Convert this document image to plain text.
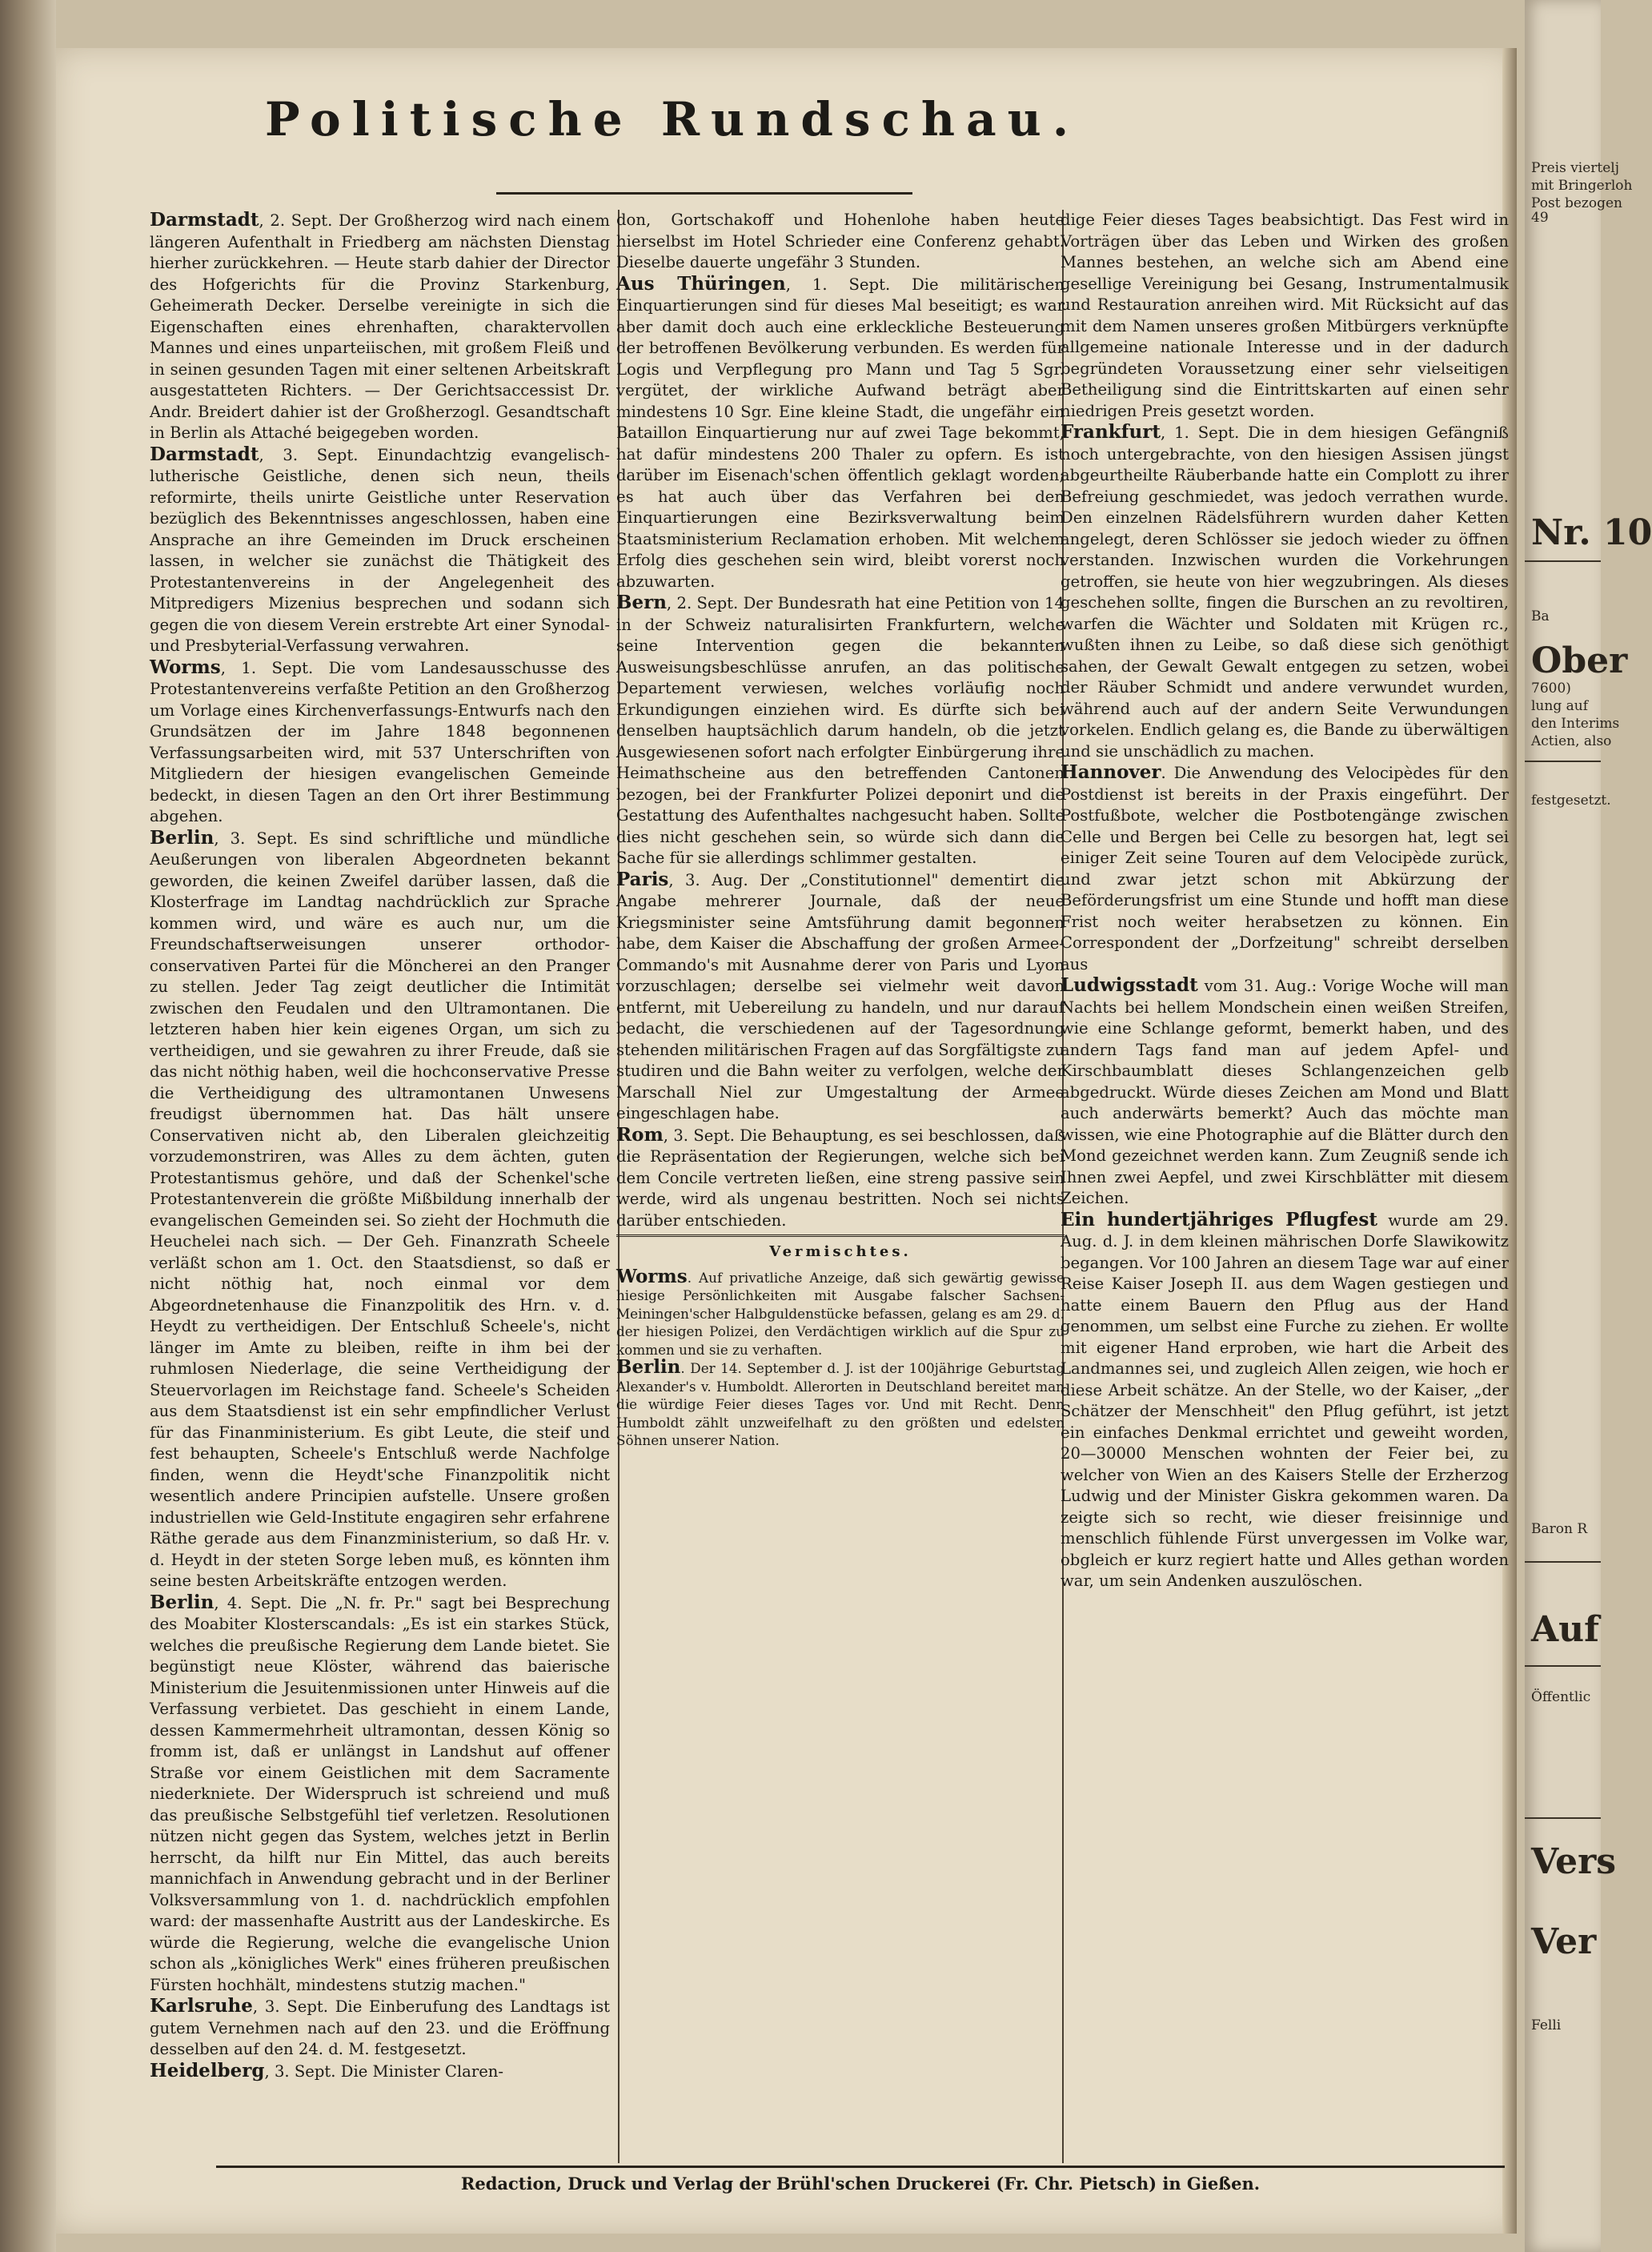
Politische Rundschau.

Darmstadt, 2. Sept. Der Großherzog wird nach einem längeren Aufenthalt in Friedberg am nächsten Dienstag hierher zurückkehren. — Heute starb dahier der Director des Hofgerichts für die Provinz Starkenburg, Geheimerath Decker. Derselbe vereinigte in sich die Eigenschaften eines ehrenhaften, charaktervollen Mannes und eines unparteiischen, mit großem Fleiß und in seinen gesunden Tagen mit einer seltenen Arbeitskraft ausgestatteten Richters. — Der Gerichtsaccessist Dr. Andr. Breidert dahier ist der Großherzogl. Gesandtschaft in Berlin als Attaché beigegeben worden.

Darmstadt, 3. Sept. Einundachtzig evangelisch-lutherische Geistliche, denen sich neun, theils reformirte, theils unirte Geistliche unter Reservation bezüglich des Bekenntnisses angeschlossen, haben eine Ansprache an ihre Gemeinden im Druck erscheinen lassen, in welcher sie zunächst die Thätigkeit des Protestantenvereins in der Angelegenheit des Mitpredigers Mizenius besprechen und sodann sich gegen die von diesem Verein erstrebte Art einer Synodal- und Presbyterial-Verfassung verwahren.

Worms, 1. Sept. Die vom Landesausschusse des Protestantenvereins verfaßte Petition an den Großherzog um Vorlage eines Kirchenverfassungs-Entwurfs nach den Grundsätzen der im Jahre 1848 begonnenen Verfassungsarbeiten wird, mit 537 Unterschriften von Mitgliedern der hiesigen evangelischen Gemeinde bedeckt, in diesen Tagen an den Ort ihrer Bestimmung abgehen.

Berlin, 3. Sept. Es sind schriftliche und mündliche Aeußerungen von liberalen Abgeordneten bekannt geworden, die keinen Zweifel darüber lassen, daß die Klosterfrage im Landtag nachdrücklich zur Sprache kommen wird, und wäre es auch nur, um die Freundschaftserweisungen unserer orthodor-conservativen Partei für die Möncherei an den Pranger zu stellen. Jeder Tag zeigt deutlicher die Intimität zwischen den Feudalen und den Ultramontanen. Die letzteren haben hier kein eigenes Organ, um sich zu vertheidigen, und sie gewahren zu ihrer Freude, daß sie das nicht nöthig haben, weil die hochconservative Presse die Vertheidigung des ultramontanen Unwesens freudigst übernommen hat. Das hält unsere Conservativen nicht ab, den Liberalen gleichzeitig vorzudemonstriren, was Alles zu dem ächten, guten Protestantismus gehöre, und daß der Schenkel'sche Protestantenverein die größte Mißbildung innerhalb der evangelischen Gemeinden sei. So zieht der Hochmuth die Heuchelei nach sich. — Der Geh. Finanzrath Scheele verläßt schon am 1. Oct. den Staatsdienst, so daß er nicht nöthig hat, noch einmal vor dem Abgeordnetenhause die Finanzpolitik des Hrn. v. d. Heydt zu vertheidigen. Der Entschluß Scheele's, nicht länger im Amte zu bleiben, reifte in ihm bei der ruhmlosen Niederlage, die seine Vertheidigung der Steuervorlagen im Reichstage fand. Scheele's Scheiden aus dem Staatsdienst ist ein sehr empfindlicher Verlust für das Finanministerium. Es gibt Leute, die steif und fest behaupten, Scheele's Entschluß werde Nachfolge finden, wenn die Heydt'sche Finanzpolitik nicht wesentlich andere Principien aufstelle. Unsere großen industriellen wie Geld-Institute engagiren sehr erfahrene Räthe gerade aus dem Finanzministerium, so daß Hr. v. d. Heydt in der steten Sorge leben muß, es könnten ihm seine besten Arbeitskräfte entzogen werden.

Berlin, 4. Sept. Die „N. fr. Pr." sagt bei Besprechung des Moabiter Klosterscandals: „Es ist ein starkes Stück, welches die preußische Regierung dem Lande bietet. Sie begünstigt neue Klöster, während das baierische Ministerium die Jesuitenmissionen unter Hinweis auf die Verfassung verbietet. Das geschieht in einem Lande, dessen Kammermehrheit ultramontan, dessen König so fromm ist, daß er unlängst in Landshut auf offener Straße vor einem Geistlichen mit dem Sacramente niederkniete. Der Widerspruch ist schreiend und muß das preußische Selbstgefühl tief verletzen. Resolutionen nützen nicht gegen das System, welches jetzt in Berlin herrscht, da hilft nur Ein Mittel, das auch bereits mannichfach in Anwendung gebracht und in der Berliner Volksversammlung von 1. d. nachdrücklich empfohlen ward: der massenhafte Austritt aus der Landeskirche. Es würde die Regierung, welche die evangelische Union schon als „königliches Werk" eines früheren preußischen Fürsten hochhält, mindestens stutzig machen."

Karlsruhe, 3. Sept. Die Einberufung des Landtags ist gutem Vernehmen nach auf den 23. und die Eröffnung desselben auf den 24. d. M. festgesetzt.

Heidelberg, 3. Sept. Die Minister Claren-

don, Gortschakoff und Hohenlohe haben heute hierselbst im Hotel Schrieder eine Conferenz gehabt. Dieselbe dauerte ungefähr 3 Stunden.

Aus Thüringen, 1. Sept. Die militärischen Einquartierungen sind für dieses Mal beseitigt; es war aber damit doch auch eine erkleckliche Besteuerung der betroffenen Bevölkerung verbunden. Es werden für Logis und Verpflegung pro Mann und Tag 5 Sgr. vergütet, der wirkliche Aufwand beträgt aber mindestens 10 Sgr. Eine kleine Stadt, die ungefähr ein Bataillon Einquartierung nur auf zwei Tage bekommt, hat dafür mindestens 200 Thaler zu opfern. Es ist darüber im Eisenach'schen öffentlich geklagt worden; es hat auch über das Verfahren bei den Einquartierungen eine Bezirksverwaltung beim Staatsministerium Reclamation erhoben. Mit welchem Erfolg dies geschehen sein wird, bleibt vorerst noch abzuwarten.

Bern, 2. Sept. Der Bundesrath hat eine Petition von 14 in der Schweiz naturalisirten Frankfurtern, welche seine Intervention gegen die bekannten Ausweisungsbeschlüsse anrufen, an das politische Departement verwiesen, welches vorläufig noch Erkundigungen einziehen wird. Es dürfte sich bei denselben hauptsächlich darum handeln, ob die jetzt Ausgewiesenen sofort nach erfolgter Einbürgerung ihre Heimathscheine aus den betreffenden Cantonen bezogen, bei der Frankfurter Polizei deponirt und die Gestattung des Aufenthaltes nachgesucht haben. Sollte dies nicht geschehen sein, so würde sich dann die Sache für sie allerdings schlimmer gestalten.

Paris, 3. Aug. Der „Constitutionnel" dementirt die Angabe mehrerer Journale, daß der neue Kriegsminister seine Amtsführung damit begonnen habe, dem Kaiser die Abschaffung der großen Armee-Commando's mit Ausnahme derer von Paris und Lyon vorzuschlagen; derselbe sei vielmehr weit davon entfernt, mit Uebereilung zu handeln, und nur darauf bedacht, die verschiedenen auf der Tagesordnung stehenden militärischen Fragen auf das Sorgfältigste zu studiren und die Bahn weiter zu verfolgen, welche der Marschall Niel zur Umgestaltung der Armee eingeschlagen habe.

Rom, 3. Sept. Die Behauptung, es sei beschlossen, daß die Repräsentation der Regierungen, welche sich bei dem Concile vertreten ließen, eine streng passive sein werde, wird als ungenau bestritten. Noch sei nichts darüber entschieden.

Vermischtes.

Worms. Auf privatliche Anzeige, daß sich gewärtig gewisse hiesige Persönlichkeiten mit Ausgabe falscher Sachsen-Meiningen'scher Halbguldenstücke befassen, gelang es am 29. d. der hiesigen Polizei, den Verdächtigen wirklich auf die Spur zu kommen und sie zu verhaften.

Berlin. Der 14. September d. J. ist der 100jährige Geburtstag Alexander's v. Humboldt. Allerorten in Deutschland bereitet man die würdige Feier dieses Tages vor. Und mit Recht. Denn Humboldt zählt unzweifelhaft zu den größten und edelsten Söhnen unserer Nation.

dige Feier dieses Tages beabsichtigt. Das Fest wird in Vorträgen über das Leben und Wirken des großen Mannes bestehen, an welche sich am Abend eine gesellige Vereinigung bei Gesang, Instrumentalmusik und Restauration anreihen wird. Mit Rücksicht auf das mit dem Namen unseres großen Mitbürgers verknüpfte allgemeine nationale Interesse und in der dadurch begründeten Voraussetzung einer sehr vielseitigen Betheiligung sind die Eintrittskarten auf einen sehr niedrigen Preis gesetzt worden.

Frankfurt, 1. Sept. Die in dem hiesigen Gefängniß noch untergebrachte, von den hiesigen Assisen jüngst abgeurtheilte Räuberbande hatte ein Complott zu ihrer Befreiung geschmiedet, was jedoch verrathen wurde. Den einzelnen Rädelsführern wurden daher Ketten angelegt, deren Schlösser sie jedoch wieder zu öffnen verstanden. Inzwischen wurden die Vorkehrungen getroffen, sie heute von hier wegzubringen. Als dieses geschehen sollte, fingen die Burschen an zu revoltiren, warfen die Wächter und Soldaten mit Krügen rc., wußten ihnen zu Leibe, so daß diese sich genöthigt sahen, der Gewalt Gewalt entgegen zu setzen, wobei der Räuber Schmidt und andere verwundet wurden, während auch auf der andern Seite Verwundungen vorkelen. Endlich gelang es, die Bande zu überwältigen und sie unschädlich zu machen.

Hannover. Die Anwendung des Velocipèdes für den Postdienst ist bereits in der Praxis eingeführt. Der Postfußbote, welcher die Postbotengänge zwischen Celle und Bergen bei Celle zu besorgen hat, legt sei einiger Zeit seine Touren auf dem Velocipède zurück, und zwar jetzt schon mit Abkürzung der Beförderungsfrist um eine Stunde und hofft man diese Frist noch weiter herabsetzen zu können. Ein Correspondent der „Dorfzeitung" schreibt derselben aus

Ludwigsstadt vom 31. Aug.: Vorige Woche will man Nachts bei hellem Mondschein einen weißen Streifen, wie eine Schlange geformt, bemerkt haben, und des andern Tags fand man auf jedem Apfel- und Kirschbaumblatt dieses Schlangenzeichen gelb abgedruckt. Würde dieses Zeichen am Mond und Blatt auch anderwärts bemerkt? Auch das möchte man wissen, wie eine Photographie auf die Blätter durch den Mond gezeichnet werden kann. Zum Zeugniß sende ich Ihnen zwei Aepfel, und zwei Kirschblätter mit diesem Zeichen.

Ein hundertjähriges Pflugfest wurde am 29. Aug. d. J. in dem kleinen mährischen Dorfe Slawikowitz begangen. Vor 100 Jahren an diesem Tage war auf einer Reise Kaiser Joseph II. aus dem Wagen gestiegen und hatte einem Bauern den Pflug aus der Hand genommen, um selbst eine Furche zu ziehen. Er wollte mit eigener Hand erproben, wie hart die Arbeit des Landmannes sei, und zugleich Allen zeigen, wie hoch er diese Arbeit schätze. An der Stelle, wo der Kaiser, „der Schätzer der Menschheit" den Pflug geführt, ist jetzt ein einfaches Denkmal errichtet und geweiht worden, 20—30000 Menschen wohnten der Feier bei, zu welcher von Wien an des Kaisers Stelle der Erzherzog Ludwig und der Minister Giskra gekommen waren. Da zeigte sich so recht, wie dieser freisinnige und menschlich fühlende Fürst unvergessen im Volke war, obgleich er kurz regiert hatte und Alles gethan worden war, um sein Andenken auszulöschen.

Redaction, Druck und Verlag der Brühl'schen Druckerei (Fr. Chr. Pietsch) in Gießen.
Preis viertelj
mit Bringerloh
Post bezogen
49
Nr. 10
Ba
Ober
7600)
lung auf
den Interims
Actien, also
festgesetzt.
Baron R
Auf
Öffentlic
Vers
Ver
Felli
